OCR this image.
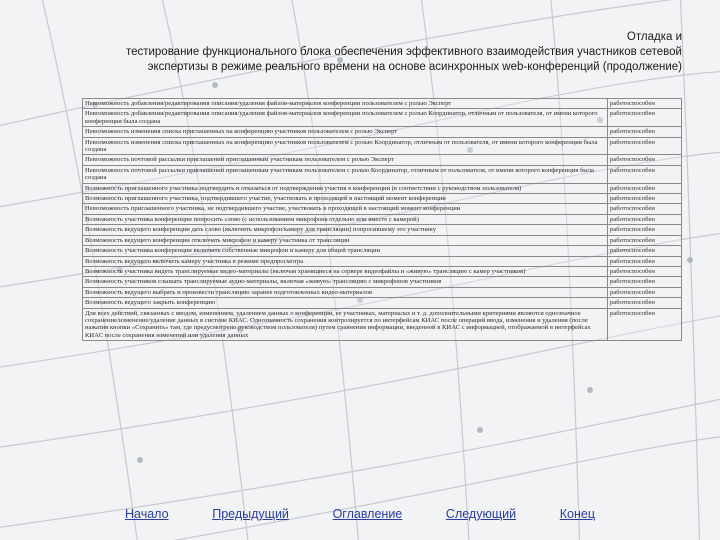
Отладка и
тестирование функционального блока обеспечения эффективного взаимодействия участников сетевой экспертизы в режиме реального времени на основе асинхронных web-конференций (продолжение)
Невозможность добавления/редактирования описания/удаления файлов-материалов конференции пользователем с ролью Эксперт	работоспособен
Невозможность добавления/редактирования описания/удаления файлов-материалов конференции пользователем с ролью Координатор, отличным от пользователя, от имени которого конференция была создана	работоспособен
Невозможность изменения списка приглашенных на конференцию участников пользователем с ролью Эксперт	работоспособен
Невозможность изменения списка приглашенных на конференцию участников пользователем с ролью Координатор, отличным от пользователя, от имени которого конференция была создана	работоспособен
Невозможность почтовой рассылки приглашений приглашенным участникам пользователем с ролью Эксперт	работоспособен
Невозможность почтовой рассылки приглашений приглашенным участникам пользователем с ролью Координатор, отличным от пользователя, от имени которого конференция была создана	работоспособен
Возможность приглашенного участника подтвердить и отказаться от подтверждения участия в конференции (в соответствии с руководством пользователя)	работоспособен
Возможность приглашенного участника, подтвердившего участие, участвовать в проходящей в настоящий момент конференции	работоспособен
Невозможность приглашенного участника, не подтвердившего участие, участвовать в проходящей в настоящий момент конференции	работоспособен
Возможность участника конференции попросить слово (с использованием микрофона отдельно или вместе с камерой)	работоспособен
Возможность ведущего конференции дать слово (включить микрофон/камеру для трансляции) попросившему это участнику	работоспособен
Возможность ведущего конференции отключать микрофон и камеру участника от трансляции	работоспособен
Возможность участника конференции включить собственные микрофон и камеру для общей трансляции	работоспособен
Возможность ведущего включить камеру участника в режиме предпросмотра	работоспособен
Возможность участника видеть транслируемые видео-материалы (включая хранящиеся на сервере видеофайлы и «живую» трансляцию с камер участников)	работоспособен
Возможность участников слышать транслируемые аудио-материалы, включая «живую» трансляцию с микрофонов участников	работоспособен
Возможность ведущего выбрать и произвести трансляцию заранее подготовленных видео-материалов	работоспособен
Возможность ведущего закрыть конференцию	работоспособен
Для всех действий, связанных с вводом, изменением, удалением данных о конференции, ее участниках, материалах и т. д. дополнительными критериями являются однозначное сохранение/изменение/удаление данных в системе КИАС. Однозначность сохранения контролируется по интерфейсам КИАС после операций ввода, изменения и удаления (после нажатия кнопки «Сохранить» там, где предусмотрено руководством пользователя) путем сравнения информации, введенной в КИАС с информацией, отображаемой в интерфейсах КИАС после сохранения изменений или удаления данных	работоспособен
Начало	Предыдущий	Оглавление	Следующий	Конец
